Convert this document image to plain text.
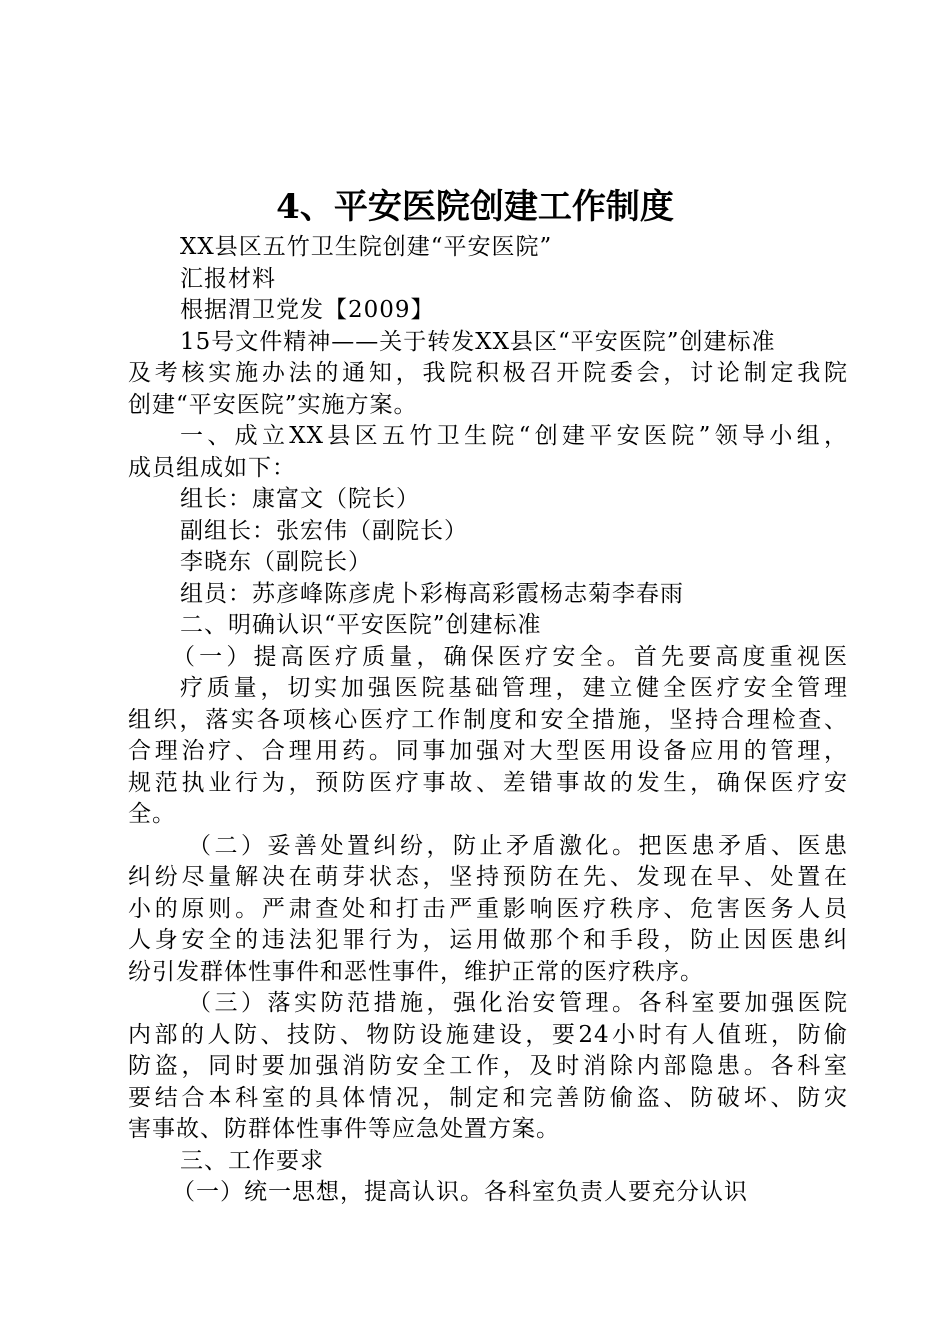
4、平安医院创建工作制度
XX县区五竹卫生院创建“平安医院”
汇报材料
根据渭卫党发【2009】
15号文件精神——关于转发XX县区“平安医院”创建标准
及考核实施办法的通知，我院积极召开院委会，讨论制定我院
创建“平安医院”实施方案。
一、成立XX县区五竹卫生院“创建平安医院”领导小组，
成员组成如下：
组长：康富文（院长）
副组长：张宏伟（副院长）
李晓东（副院长）
组员：苏彦峰陈彦虎卜彩梅高彩霞杨志菊李春雨
二、明确认识“平安医院”创建标准
（一）提高医疗质量，确保医疗安全。首先要高度重视医
疗质量，切实加强医院基础管理，建立健全医疗安全管理
组织，落实各项核心医疗工作制度和安全措施，坚持合理检查、
合理治疗、合理用药。同事加强对大型医用设备应用的管理，
规范执业行为，预防医疗事故、差错事故的发生，确保医疗安
全。
（二）妥善处置纠纷，防止矛盾激化。把医患矛盾、医患
纠纷尽量解决在萌芽状态，坚持预防在先、发现在早、处置在
小的原则。严肃查处和打击严重影响医疗秩序、危害医务人员
人身安全的违法犯罪行为，运用做那个和手段，防止因医患纠
纷引发群体性事件和恶性事件，维护正常的医疗秩序。
（三）落实防范措施，强化治安管理。各科室要加强医院
内部的人防、技防、物防设施建设，要24小时有人值班，防偷
防盗，同时要加强消防安全工作，及时消除内部隐患。各科室
要结合本科室的具体情况，制定和完善防偷盗、防破坏、防灾
害事故、防群体性事件等应急处置方案。
三、工作要求
（一）统一思想，提高认识。各科室负责人要充分认识
